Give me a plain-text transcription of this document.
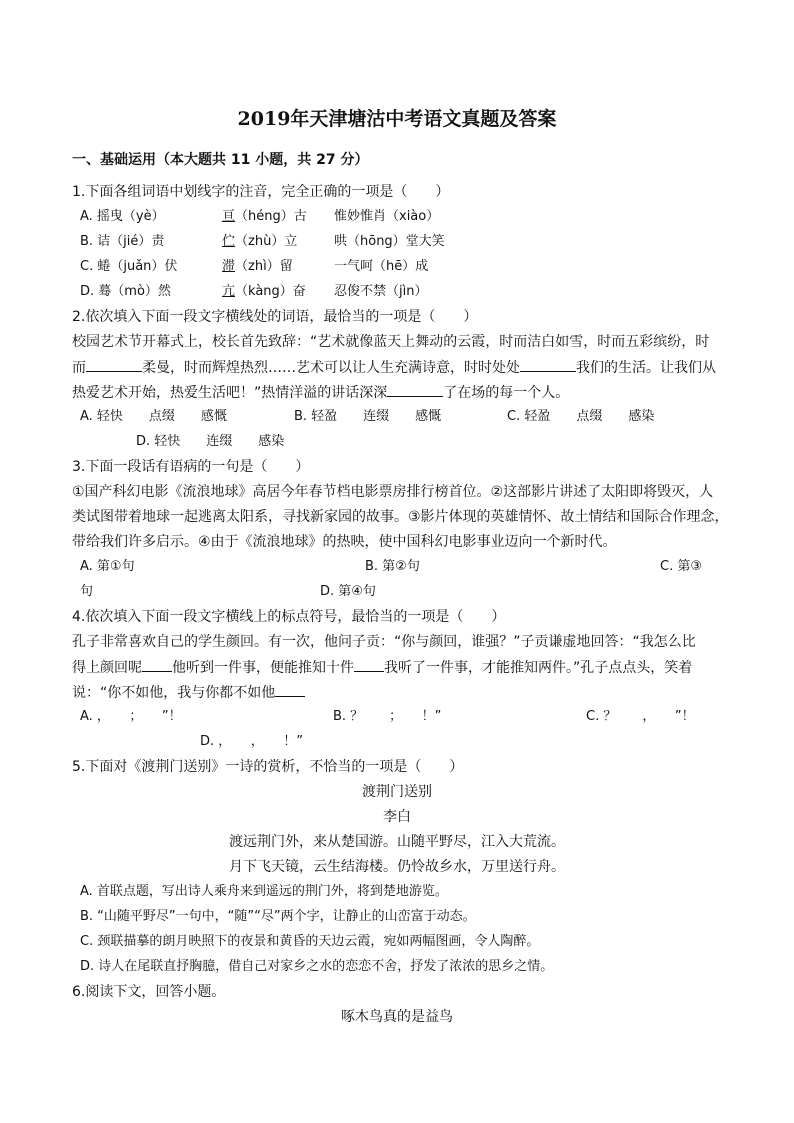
2019年天津塘沽中考语文真题及答案
一、基础运用（本大题共 11 小题，共 27 分）
1.下面各组词语中划线字的注音，完全正确的一项是（　　）
A. 摇曳（yè）	亘（héng）古 惟妙惟肖（xiào）
B. 诘（jié）责	伫（zhù）立	哄（hōng）堂大笑
C. 蜷（juǎn）伏	滞（zhì）留	一气呵（hē）成
D. 蓦（mò）然	亢（kàng）奋 忍俊不禁（jìn）
2.依次填入下面一段文字横线处的词语，最恰当的一项是（　　）
校园艺术节开幕式上，校长首先致辞：“艺术就像蓝天上舞动的云霞，时而洁白如雪，时而五彩缤纷，时
而	柔曼，时而辉煌热烈……艺术可以让人生充满诗意，时时处处	我们的生活。让我们从
热爱艺术开始，热爱生活吧！”热情洋溢的讲话深深	了在场的每一个人。
A. 轻快　　点缀　　感慨	B. 轻盈　　连缀　　感慨	C. 轻盈　　点缀　　感染
D. 轻快　　连缀　　感染
3.下面一段话有语病的一句是（　　）
①国产科幻电影《流浪地球》高居今年春节档电影票房排行榜首位。②这部影片讲述了太阳即将毁灭，人
类试图带着地球一起逃离太阳系，寻找新家园的故事。③影片体现的英雄情怀、故土情结和国际合作理念，
带给我们许多启示。④由于《流浪地球》的热映，使中国科幻电影事业迈向一个新时代。
A. 第①句	B. 第②句	C. 第③
句	D. 第④句
4.依次填入下面一段文字横线上的标点符号，最恰当的一项是（　　）
孔子非常喜欢自己的学生颜回。有一次，他问子贡：“你与颜回，谁强？”子贡谦虚地回答：“我怎么比
得上颜回呢 他听到一件事，便能推知十件 我听了一件事，才能推知两件。”孔子点点头，笑着
说：“你不如他，我与你都不如他
A. ，　　；　　”！	B. ？　　；　　！”	C. ？　　，　　”！
D. ，　　，　　！”
5.下面对《渡荆门送别》一诗的赏析，不恰当的一项是（　　）
渡荆门送别
李白
渡远荆门外，来从楚国游。山随平野尽，江入大荒流。
月下飞天镜，云生结海楼。仍怜故乡水，万里送行舟。
A. 首联点题，写出诗人乘舟来到遥远的荆门外，将到楚地游览。
B. “山随平野尽”一句中，“随”“尽”两个字，让静止的山峦富于动态。
C. 颈联描摹的朗月映照下的夜景和黄昏的天边云霞，宛如两幅图画，令人陶醉。
D. 诗人在尾联直抒胸臆，借自己对家乡之水的恋恋不舍，抒发了浓浓的思乡之情。
6.阅读下文，回答小题。
啄木鸟真的是益鸟
